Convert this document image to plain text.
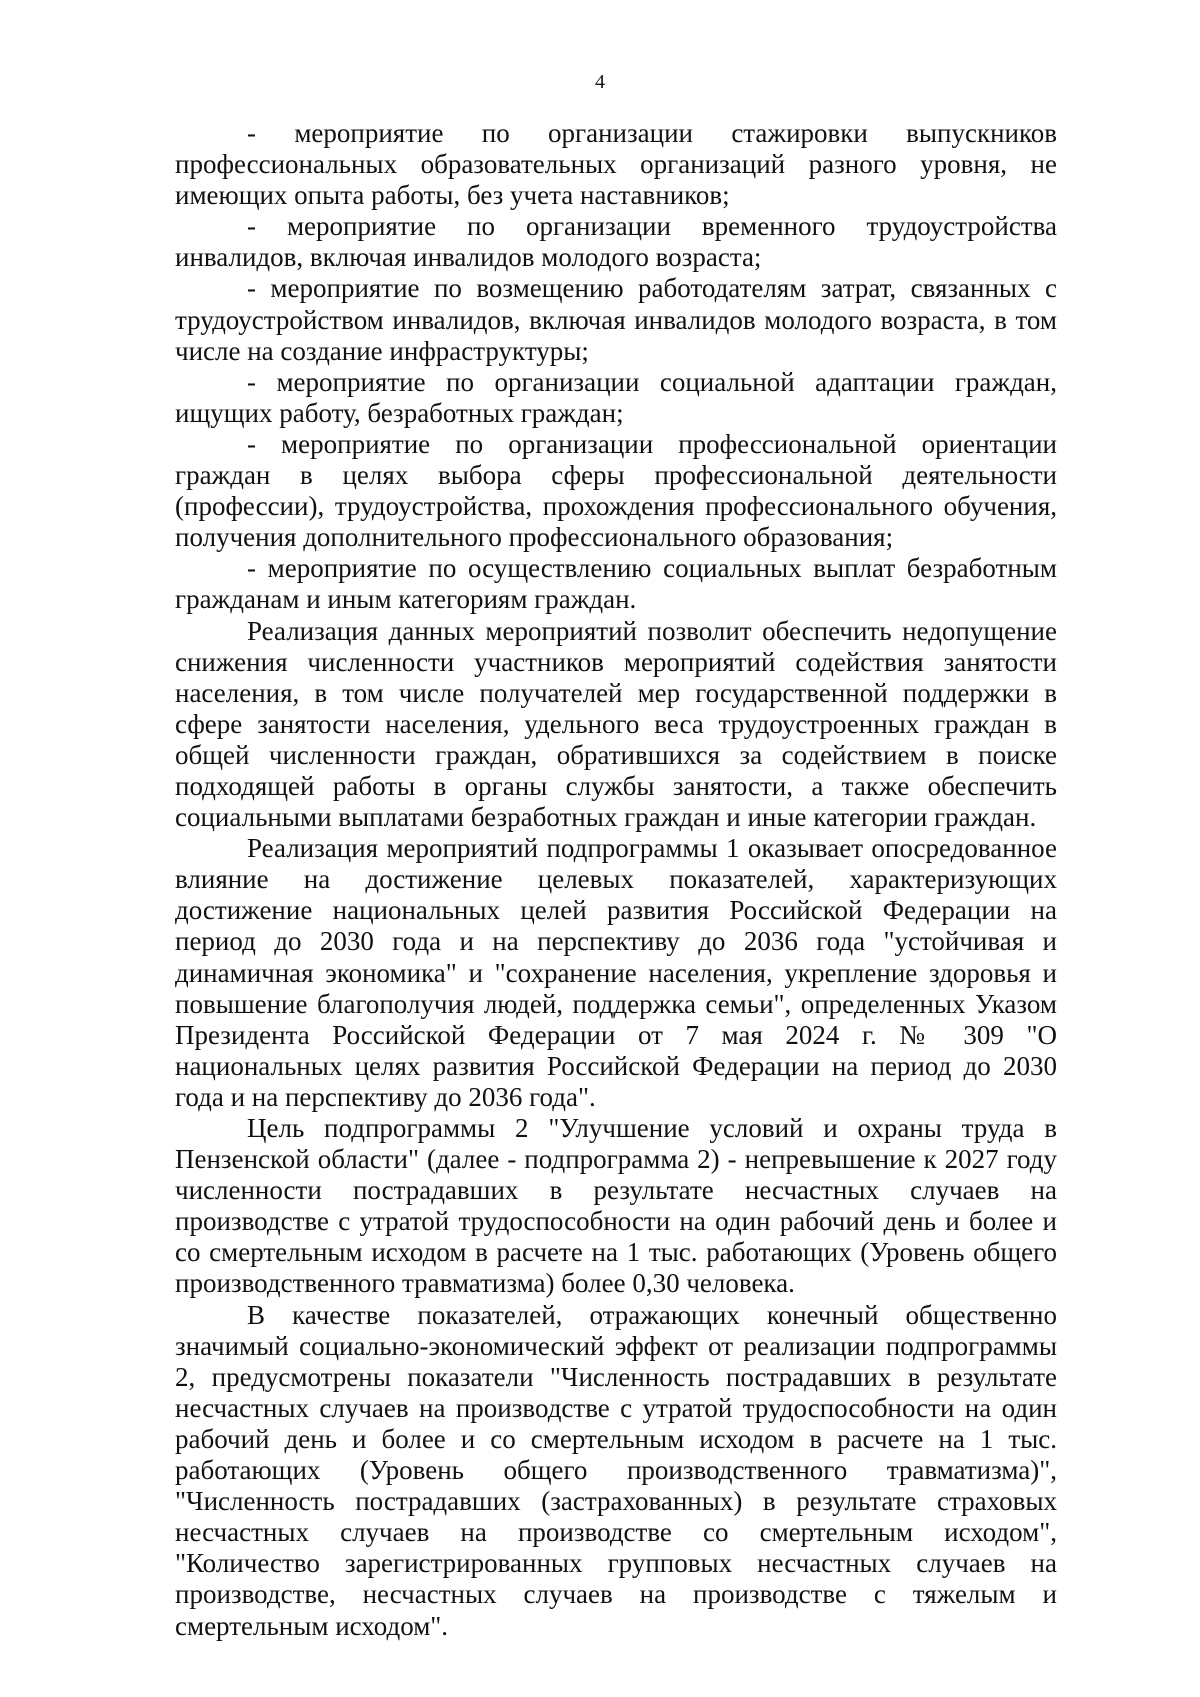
4

- мероприятие по организации стажировки выпускников профессиональных образовательных организаций разного уровня, не имеющих опыта работы, без учета наставников;

- мероприятие по организации временного трудоустройства инвалидов, включая инвалидов молодого возраста;

- мероприятие по возмещению работодателям затрат, связанных с трудоустройством инвалидов, включая инвалидов молодого возраста, в том числе на создание инфраструктуры;

- мероприятие по организации социальной адаптации граждан, ищущих работу, безработных граждан;

- мероприятие по организации профессиональной ориентации граждан в целях выбора сферы профессиональной деятельности (профессии), трудоустройства, прохождения профессионального обучения, получения дополнительного профессионального образования;

- мероприятие по осуществлению социальных выплат безработным гражданам и иным категориям граждан.

Реализация данных мероприятий позволит обеспечить недопущение снижения численности участников мероприятий содействия занятости населения, в том числе получателей мер государственной поддержки в сфере занятости населения, удельного веса трудоустроенных граждан в общей численности граждан, обратившихся за содействием в поиске подходящей работы в органы службы занятости, а также обеспечить социальными выплатами безработных граждан и иные категории граждан.

Реализация мероприятий подпрограммы 1 оказывает опосредованное влияние на достижение целевых показателей, характеризующих достижение национальных целей развития Российской Федерации на период до 2030 года и на перспективу до 2036 года "устойчивая и динамичная экономика" и "сохранение населения, укрепление здоровья и повышение благополучия людей, поддержка семьи", определенных Указом Президента Российской Федерации от 7 мая 2024 г. № 309 "О национальных целях развития Российской Федерации на период до 2030 года и на перспективу до 2036 года".

Цель подпрограммы 2 "Улучшение условий и охраны труда в Пензенской области" (далее - подпрограмма 2) - непревышение к 2027 году численности пострадавших в результате несчастных случаев на производстве с утратой трудоспособности на один рабочий день и более и со смертельным исходом в расчете на 1 тыс. работающих (Уровень общего производственного травматизма) более 0,30 человека.

В качестве показателей, отражающих конечный общественно значимый социально-экономический эффект от реализации подпрограммы 2, предусмотрены показатели "Численность пострадавших в результате несчастных случаев на производстве с утратой трудоспособности на один рабочий день и более и со смертельным исходом в расчете на 1 тыс. работающих (Уровень общего производственного травматизма)", "Численность пострадавших (застрахованных) в результате страховых несчастных случаев на производстве со смертельным исходом", "Количество зарегистрированных групповых несчастных случаев на производстве, несчастных случаев на производстве с тяжелым и смертельным исходом".
